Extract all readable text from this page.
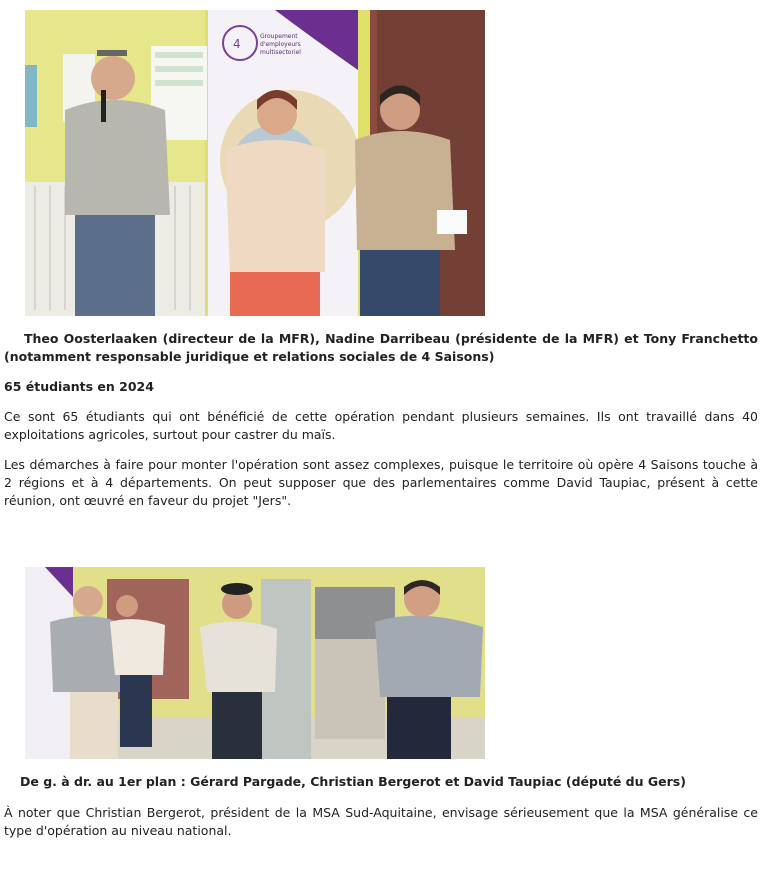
4
Groupement
d'employeurs
multisectoriel

Theo Oosterlaaken (directeur de la MFR), Nadine Darribeau (présidente de la MFR) et Tony Franchetto (notamment responsable juridique et relations sociales de 4 Saisons)

65 étudiants en 2024

Ce sont 65 étudiants qui ont bénéficié de cette opération pendant plusieurs semaines. Ils ont travaillé dans 40 exploitations agricoles, surtout pour castrer du maïs.

Les démarches à faire pour monter l'opération sont assez complexes, puisque le territoire où opère 4 Saisons touche à 2 régions et à 4 départements. On peut supposer que des parlementaires comme David Taupiac, présent à cette réunion, ont œuvré en faveur du projet "Jers".

De g. à dr. au 1er plan : Gérard Pargade, Christian Bergerot et David Taupiac (député du Gers)

À noter que Christian Bergerot, président de la MSA Sud-Aquitaine, envisage sérieusement que la MSA généralise ce type d'opération au niveau national.
